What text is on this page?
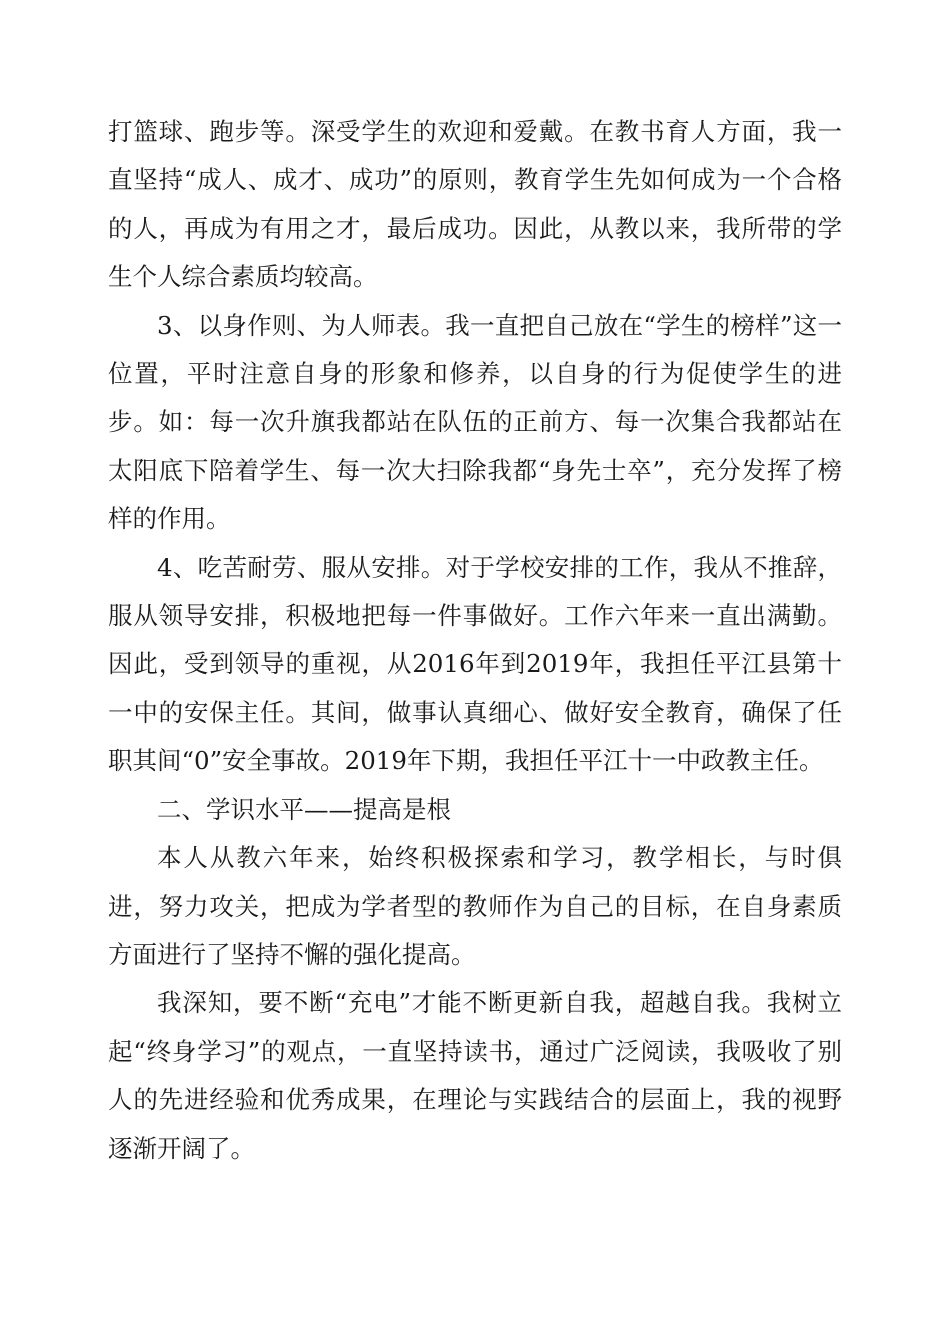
打篮球、跑步等。深受学生的欢迎和爱戴。在教书育人方面，我一直坚持“成人、成才、成功”的原则，教育学生先如何成为一个合格的人，再成为有用之才，最后成功。因此，从教以来，我所带的学生个人综合素质均较高。

3、以身作则、为人师表。我一直把自己放在“学生的榜样”这一位置，平时注意自身的形象和修养，以自身的行为促使学生的进步。如：每一次升旗我都站在队伍的正前方、每一次集合我都站在太阳底下陪着学生、每一次大扫除我都“身先士卒”，充分发挥了榜样的作用。

4、吃苦耐劳、服从安排。对于学校安排的工作，我从不推辞，服从领导安排，积极地把每一件事做好。工作六年来一直出满勤。因此，受到领导的重视，从2016年到2019年，我担任平江县第十一中的安保主任。其间，做事认真细心、做好安全教育，确保了任职其间“0”安全事故。2019年下期，我担任平江十一中政教主任。

二、学识水平——提高是根

本人从教六年来，始终积极探索和学习，教学相长，与时俱进，努力攻关，把成为学者型的教师作为自己的目标，在自身素质方面进行了坚持不懈的强化提高。

我深知，要不断“充电”才能不断更新自我，超越自我。我树立起“终身学习”的观点，一直坚持读书，通过广泛阅读，我吸收了别人的先进经验和优秀成果，在理论与实践结合的层面上，我的视野逐渐开阔了。
